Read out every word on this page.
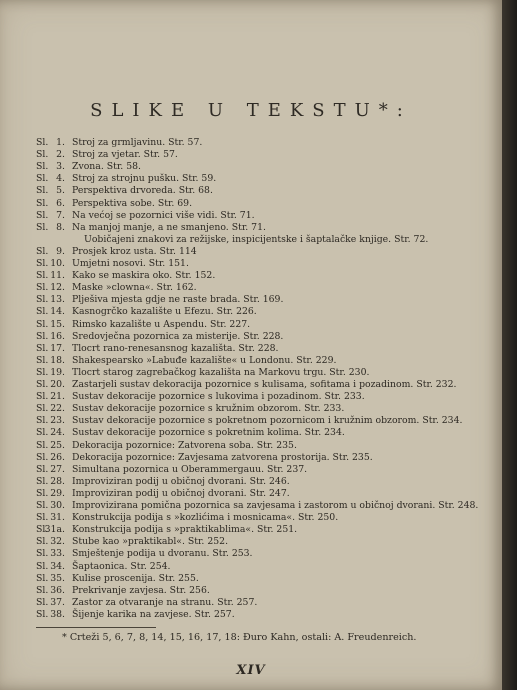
SLIKE U TEKSTU*:
Sl. 1. Stroj za grmljavinu. Str. 57.
Sl. 2. Stroj za vjetar. Str. 57.
Sl. 3. Zvona. Str. 58.
Sl. 4. Stroj za strojnu pušku. Str. 59.
Sl. 5. Perspektiva drvoreda. Str. 68.
Sl. 6. Perspektiva sobe. Str. 69.
Sl. 7. Na većoj se pozornici više vidi. Str. 71.
Sl. 8. Na manjoj manje, a ne smanjeno. Str. 71.
Uobičajeni znakovi za režijske, inspicijentske i šaptalačke knjige. Str. 72.
Sl. 9. Prosjek kroz usta. Str. 114
Sl. 10. Umjetni nosovi. Str. 151.
Sl. 11. Kako se maskira oko. Str. 152.
Sl. 12. Maske »clowna«. Str. 162.
Sl. 13. Plješiva mjesta gdje ne raste brada. Str. 169.
Sl. 14. Kasnogrčko kazalište u Efezu. Str. 226.
Sl. 15. Rimsko kazalište u Aspendu. Str. 227.
Sl. 16. Sredovječna pozornica za misterije. Str. 228.
Sl. 17. Tlocrt rano-renesansnog kazališta. Str. 228.
Sl. 18. Shakespearsko »Labuđe kazalište« u Londonu. Str. 229.
Sl. 19. Tlocrt starog zagrebačkog kazališta na Markovu trgu. Str. 230.
Sl. 20. Zastarjeli sustav dekoracija pozornice s kulisama, sofitama i pozadinom. Str. 232.
Sl. 21. Sustav dekoracije pozornice s lukovima i pozadinom. Str. 233.
Sl. 22. Sustav dekoracije pozornice s kružnim obzorom. Str. 233.
Sl. 23. Sustav dekoracije pozornice s pokretnom pozornicom i kružnim obzorom. Str. 234.
Sl. 24. Sustav dekoracije pozornice s pokretnim kolima. Str. 234.
Sl. 25. Dekoracija pozornice: Zatvorena soba. Str. 235.
Sl. 26. Dekoracija pozornice: Zavjesama zatvorena prostorija. Str. 235.
Sl. 27. Simultana pozornica u Oberammergauu. Str. 237.
Sl. 28. Improviziran podij u običnoj dvorani. Str. 246.
Sl. 29. Improviziran podij u običnoj dvorani. Str. 247.
Sl. 30. Improvizirana pomična pozornica sa zavjesama i zastorom u običnoj dvorani. Str. 248.
Sl. 31. Konstrukcija podija s »kozlićima i mosnicama«. Str. 250.
Sl.
31a. Konstrukcija podija s »praktikablima«. Str. 251.
Sl. 32. Stube kao »praktikabl«. Str. 252.
Sl. 33. Smještenje podija u dvoranu. Str. 253.
Sl. 34. Šaptaonica. Str. 254.
Sl. 35. Kulise proscenija. Str. 255.
Sl. 36. Prekrivanje zavjesa. Str. 256.
Sl. 37. Zastor za otvaranje na stranu. Str. 257.
Sl. 38. Šijenje karika na zavjese. Str. 257.
* Crteži 5, 6, 7, 8, 14, 15, 16, 17, 18: Đuro Kahn, ostali: A. Freudenreich.
XIV
